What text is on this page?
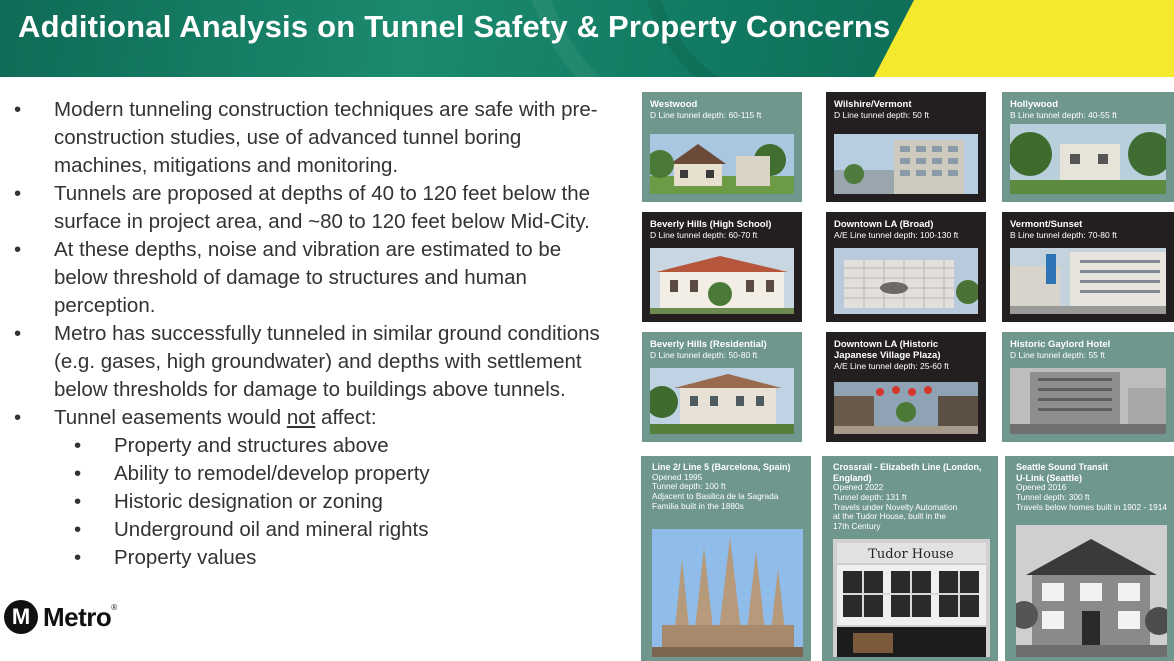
Additional Analysis on Tunnel Safety & Property Concerns
• Modern tunneling construction techniques are safe with pre-
construction studies, use of advanced tunnel boring
machines, mitigations and monitoring.
• Tunnels are proposed at depths of 40 to 120 feet below the
surface in project area, and ~80 to 120 feet below Mid-City.
• At these depths, noise and vibration are estimated to be
below threshold of damage to structures and human
perception.
• Metro has successfully tunneled in similar ground conditions
(e.g. gases, high groundwater) and depths with settlement
below thresholds for damage to buildings above tunnels.
• Tunnel easements would not affect:
• Property and structures above
• Ability to remodel/develop property
• Historic designation or zoning
• Underground oil and mineral rights
• Property values
M Metro ®
Westwood
D Line tunnel depth: 60-115 ft
Wilshire/Vermont
D Line tunnel depth: 50 ft
Hollywood
B Line tunnel depth: 40-55 ft
Beverly Hills (High School)
D Line tunnel depth: 60-70 ft
Downtown LA (Broad)
A/E Line tunnel depth: 100-130 ft
Vermont/Sunset
B Line tunnel depth: 70-80 ft
Beverly Hills (Residential)
D Line tunnel depth: 50-80 ft
Downtown LA (Historic
Japanese Village Plaza)
A/E Line tunnel depth: 25-60 ft
Historic Gaylord Hotel
D Line tunnel depth: 55 ft
Line 2/ Line 5 (Barcelona, Spain)
Opened 1995
Tunnel depth: 100 ft
Adjacent to Basilica de la Sagrada
Familia built in the 1880s
Crossrail - Elizabeth Line (London,
England)
Opened 2022
Tunnel depth: 131 ft
Travels under Novelty Automation
at the Tudor House, built in the
17th Century
Tudor House
Seattle Sound Transit
U-Link (Seattle)
Opened 2016
Tunnel depth: 300 ft
Travels below homes built in 1902 - 1914
